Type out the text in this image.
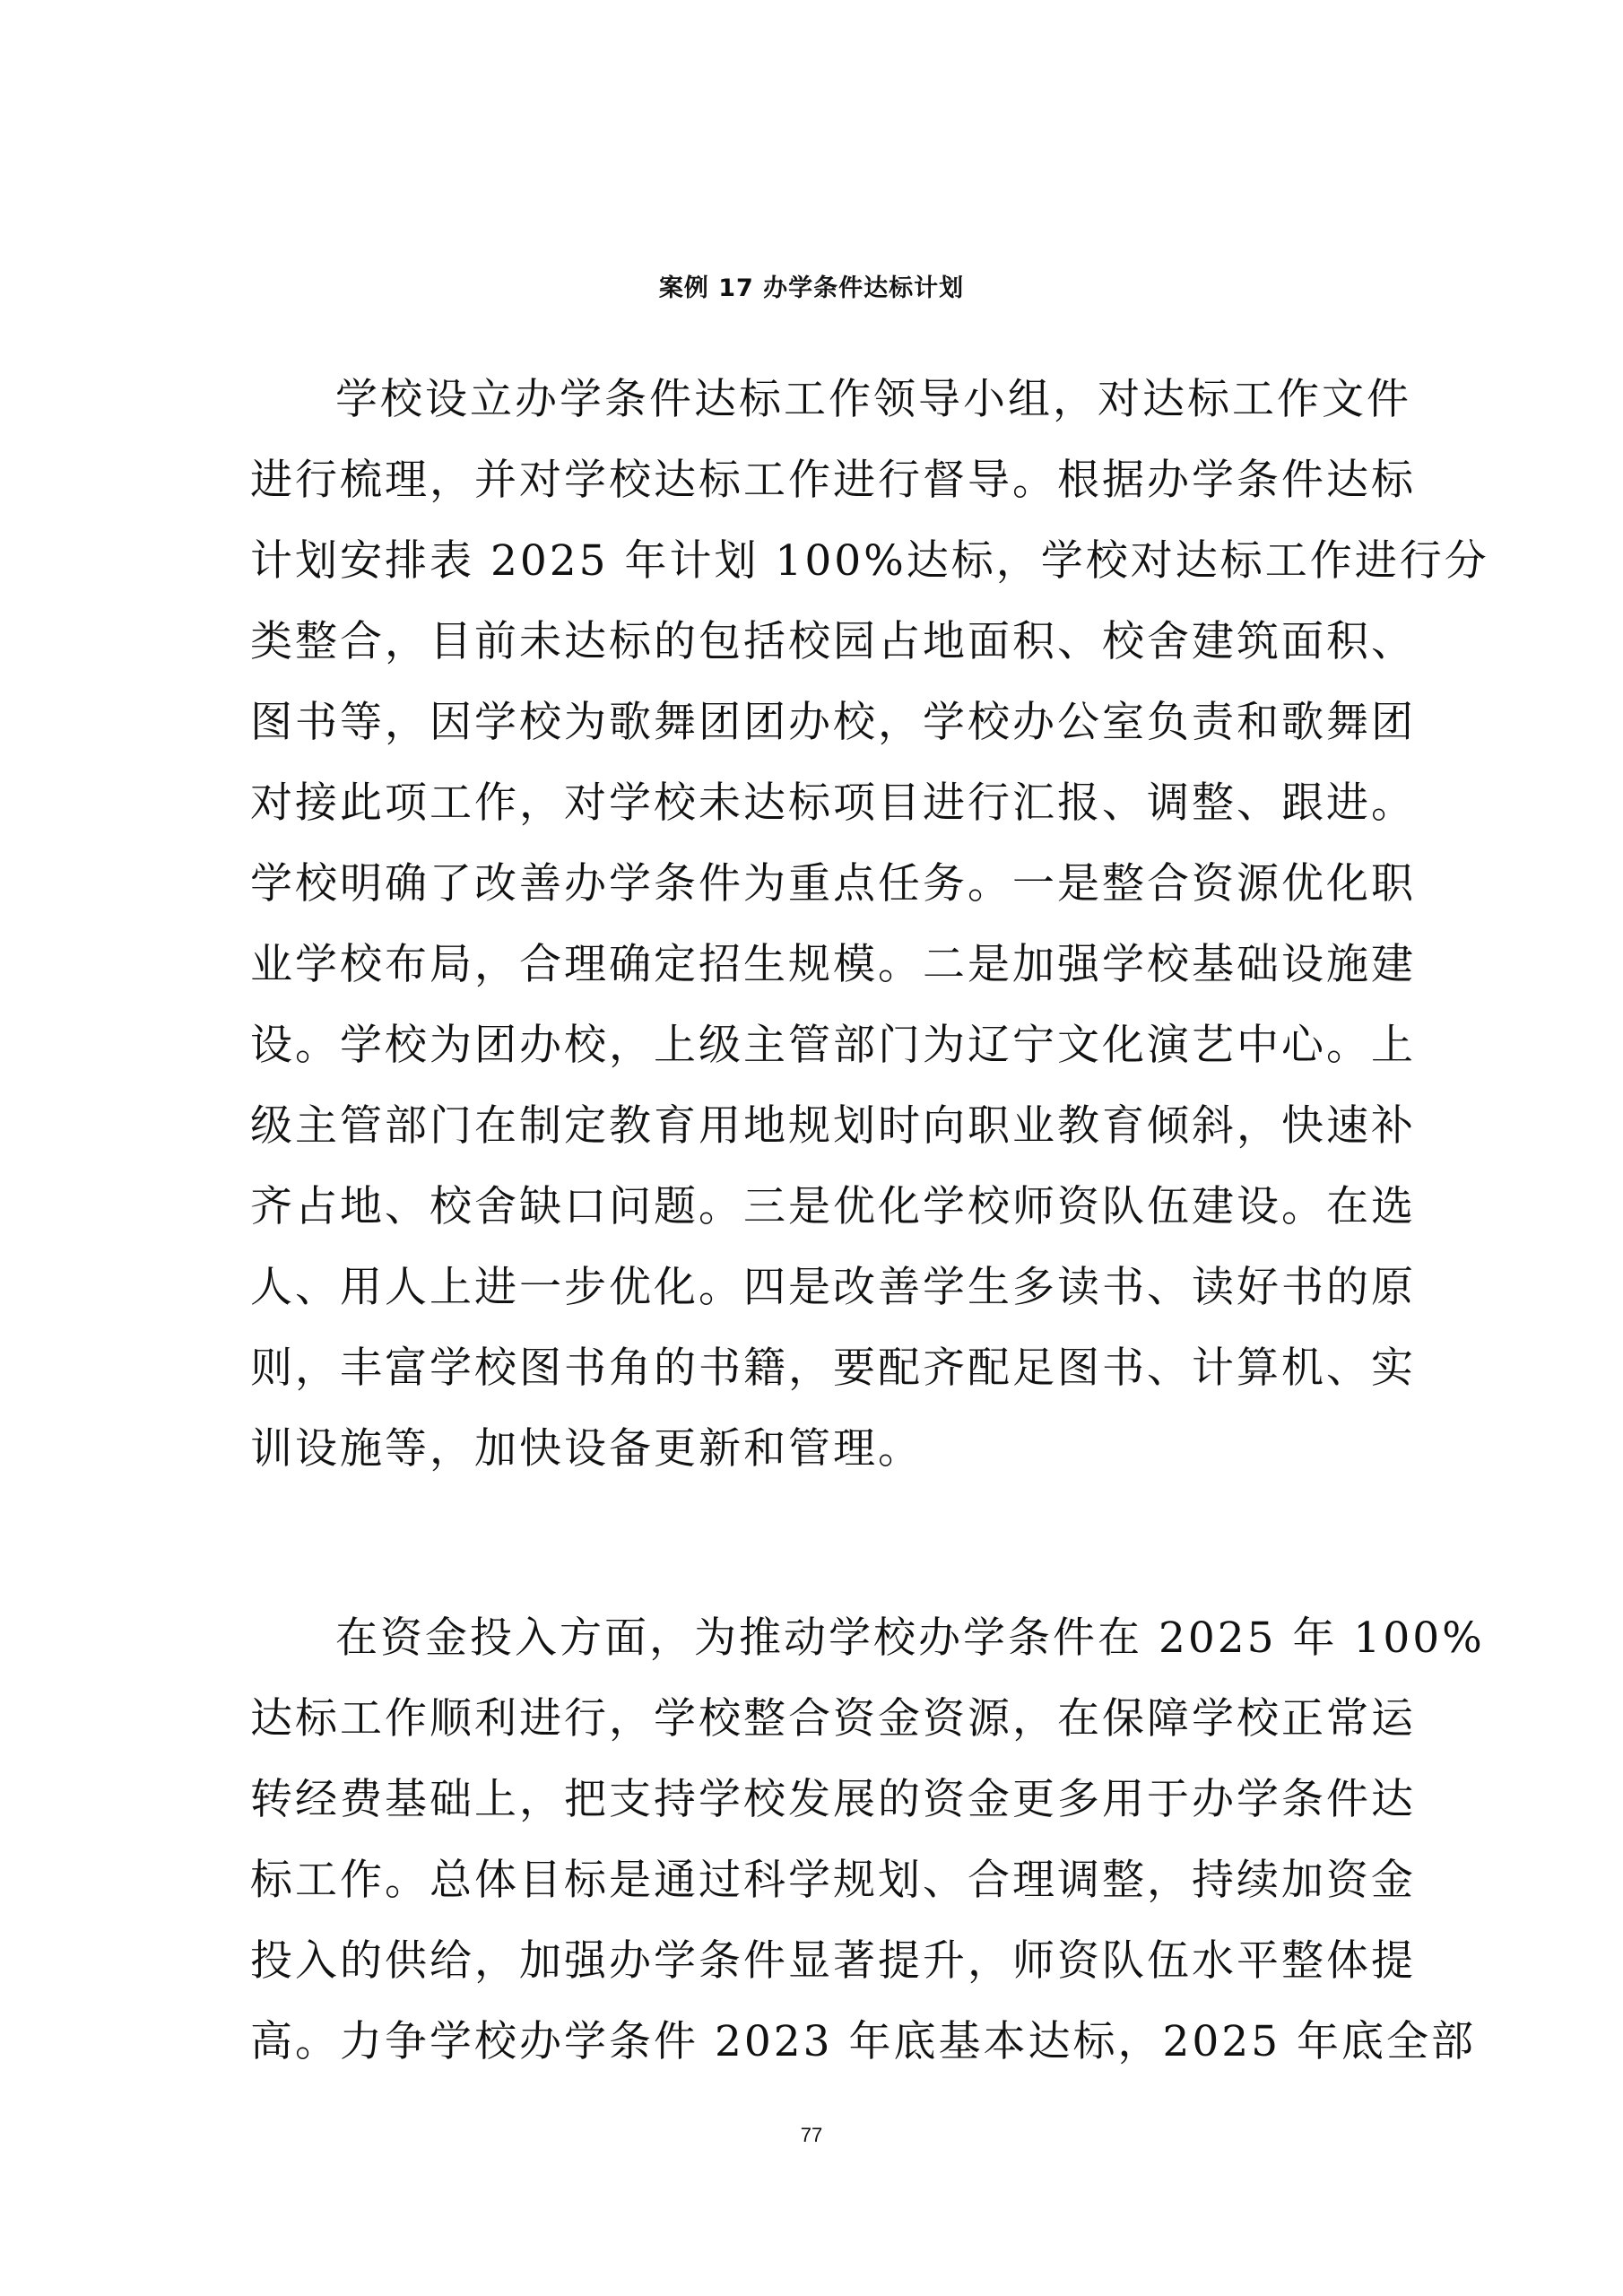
案例 17 办学条件达标计划
学校设立办学条件达标工作领导小组，对达标工作文件
进行梳理，并对学校达标工作进行督导。根据办学条件达标
计划安排表 2025 年计划 100%达标，学校对达标工作进行分
类整合，目前未达标的包括校园占地面积、校舍建筑面积、
图书等，因学校为歌舞团团办校，学校办公室负责和歌舞团
对接此项工作，对学校未达标项目进行汇报、调整、跟进。
学校明确了改善办学条件为重点任务。一是整合资源优化职
业学校布局，合理确定招生规模。二是加强学校基础设施建
设。学校为团办校，上级主管部门为辽宁文化演艺中心。上
级主管部门在制定教育用地规划时向职业教育倾斜，快速补
齐占地、校舍缺口问题。三是优化学校师资队伍建设。在选
人、用人上进一步优化。四是改善学生多读书、读好书的原
则，丰富学校图书角的书籍，要配齐配足图书、计算机、实
训设施等，加快设备更新和管理。
在资金投入方面，为推动学校办学条件在 2025 年 100%
达标工作顺利进行，学校整合资金资源，在保障学校正常运
转经费基础上，把支持学校发展的资金更多用于办学条件达
标工作。总体目标是通过科学规划、合理调整，持续加资金
投入的供给，加强办学条件显著提升，师资队伍水平整体提
高。力争学校办学条件 2023 年底基本达标，2025 年底全部
77
